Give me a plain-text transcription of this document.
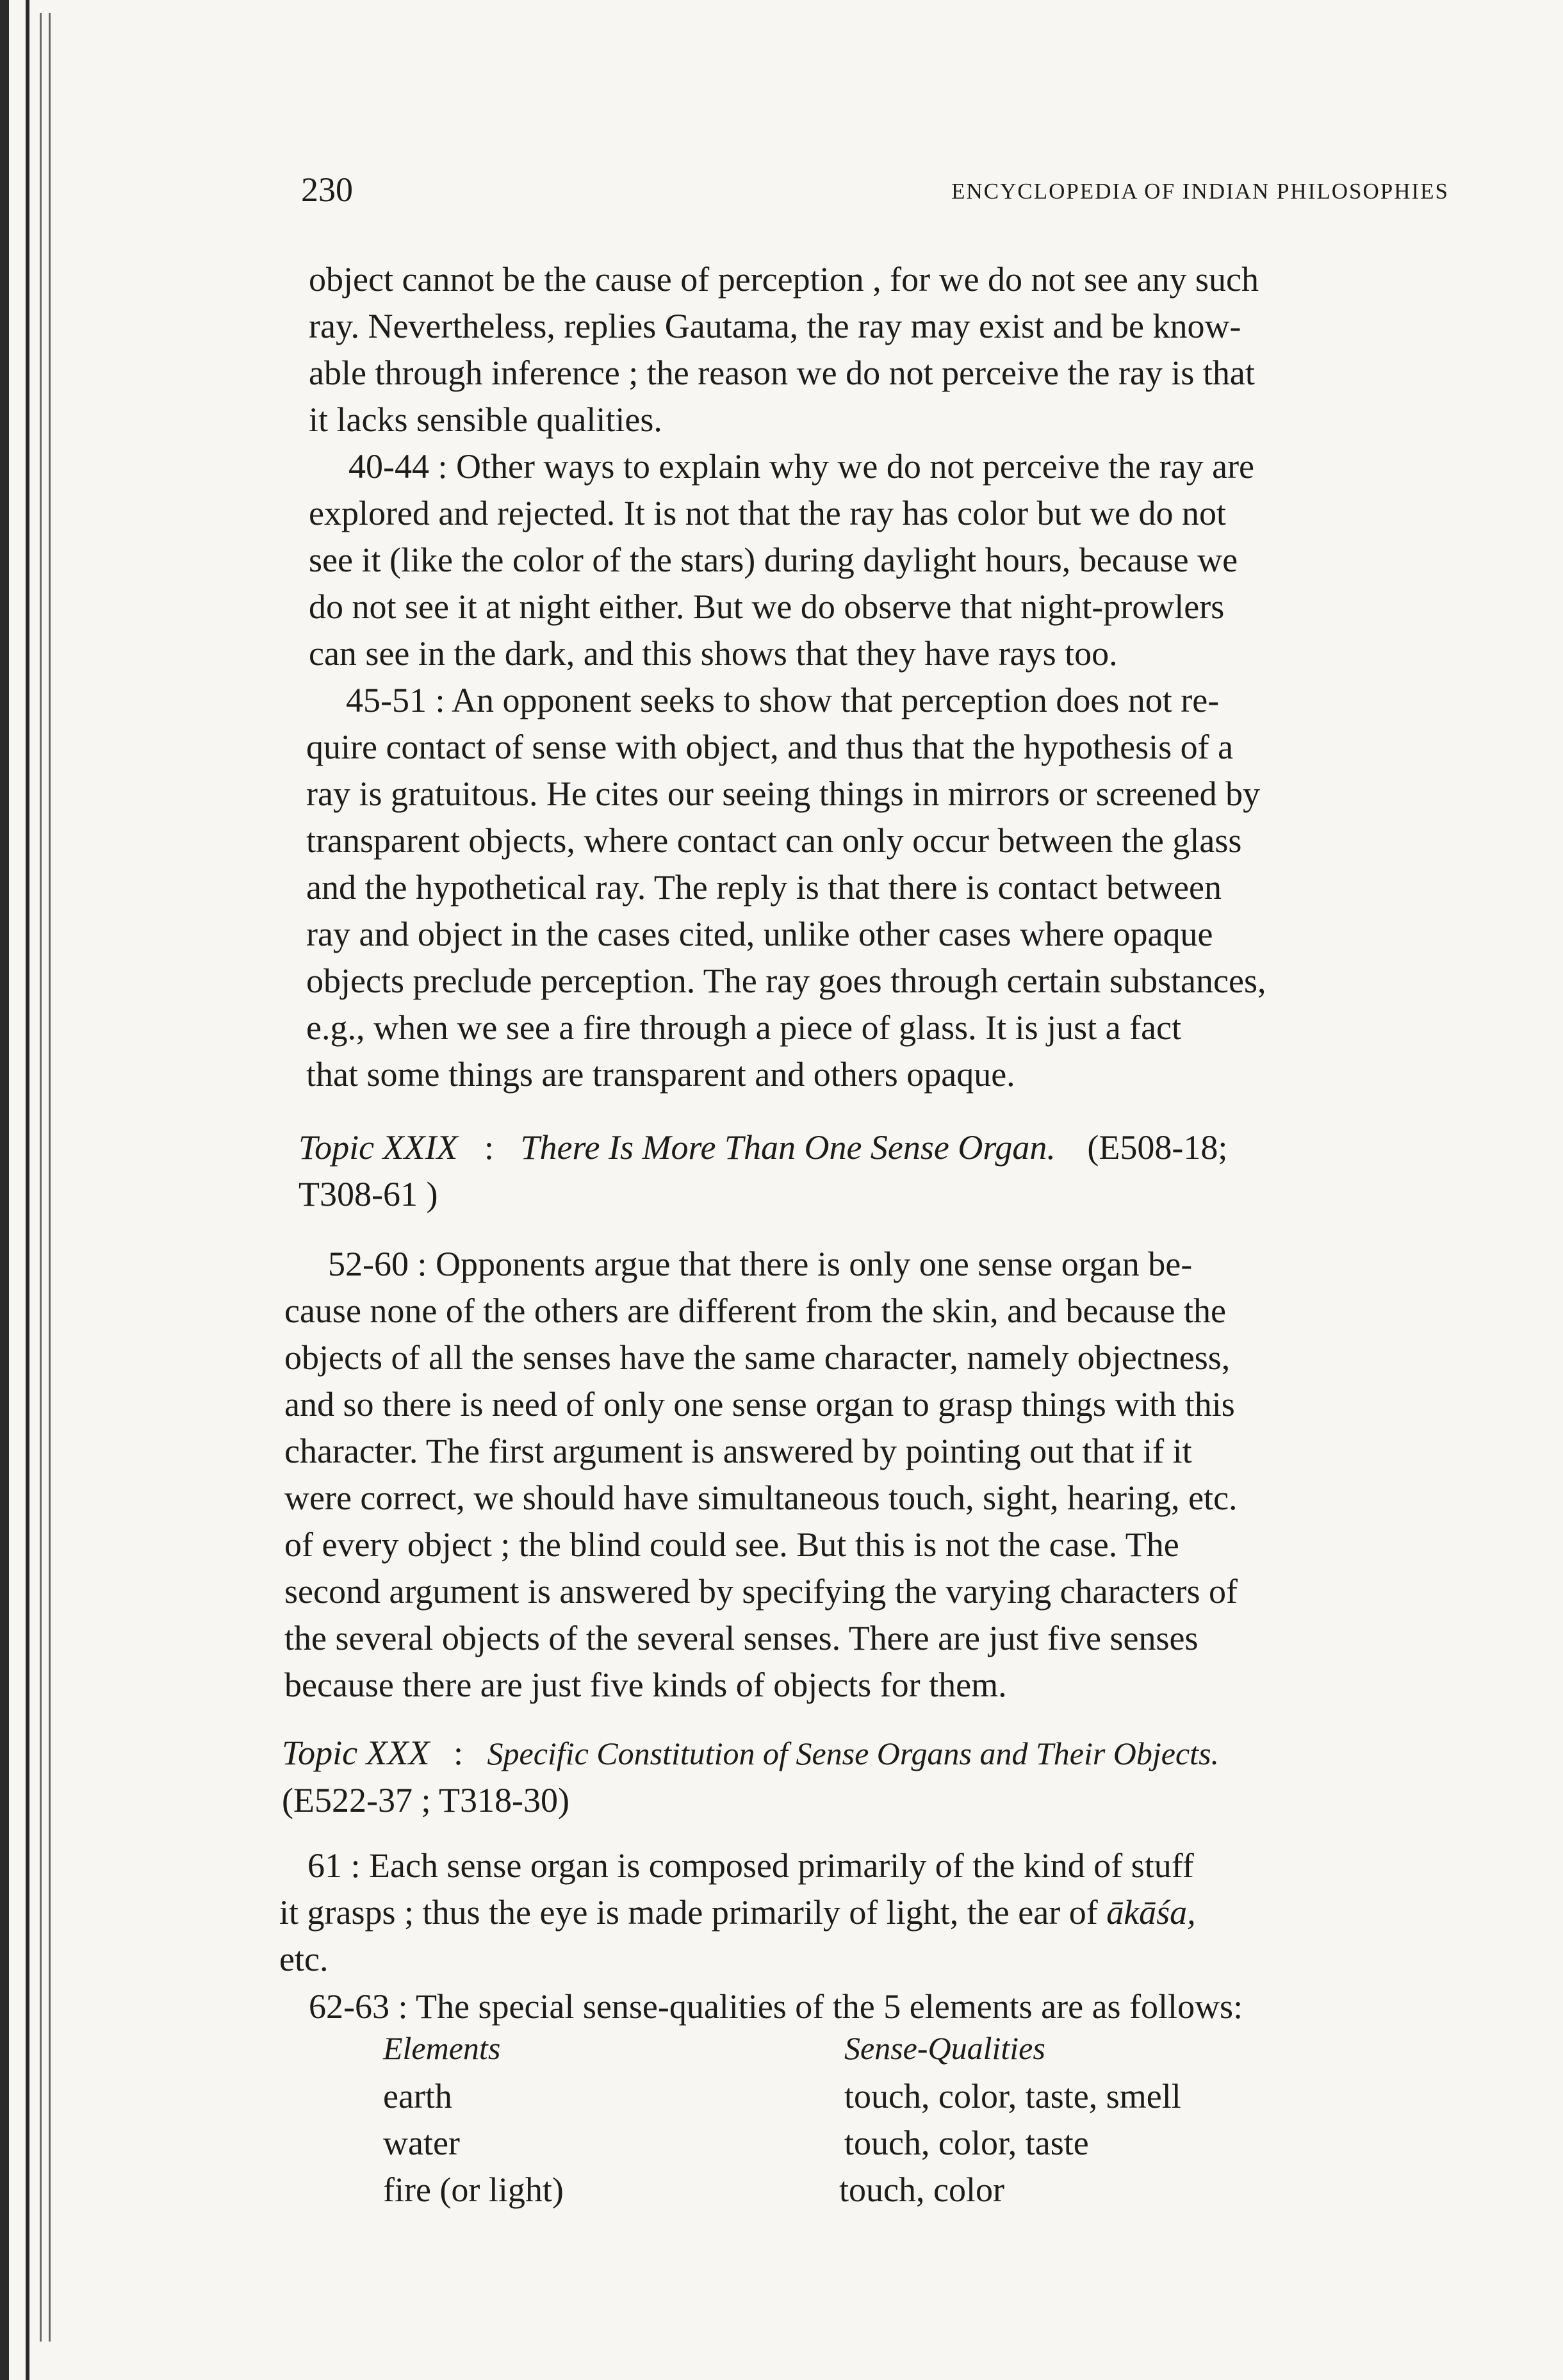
230	ENCYCLOPEDIA OF INDIAN PHILOSOPHIES
object cannot be the cause of perception , for we do not see any such
ray. Nevertheless, replies Gautama, the ray may exist and be know-
able through inference ; the reason we do not perceive the ray is that
it lacks sensible qualities.
40-44 : Other ways to explain why we do not perceive the ray are
explored and rejected. It is not that the ray has color but we do not
see it (like the color of the stars) during daylight hours, because we
do not see it at night either. But we do observe that night-prowlers
can see in the dark, and this shows that they have rays too.
45-51 : An opponent seeks to show that perception does not re-
quire contact of sense with object, and thus that the hypothesis of a
ray is gratuitous. He cites our seeing things in mirrors or screened by
transparent objects, where contact can only occur between the glass
and the hypothetical ray. The reply is that there is contact between
ray and object in the cases cited, unlike other cases where opaque
objects preclude perception. The ray goes through certain substances,
e.g., when we see a fire through a piece of glass. It is just a fact
that some things are transparent and others opaque.
Topic XXIX : There Is More Than One Sense Organ. (E508-18;
T308-61 )
52-60 : Opponents argue that there is only one sense organ be-
cause none of the others are different from the skin, and because the
objects of all the senses have the same character, namely objectness,
and so there is need of only one sense organ to grasp things with this
character. The first argument is answered by pointing out that if it
were correct, we should have simultaneous touch, sight, hearing, etc.
of every object ; the blind could see. But this is not the case. The
second argument is answered by specifying the varying characters of
the several objects of the several senses. There are just five senses
because there are just five kinds of objects for them.
Topic XXX : Specific Constitution of Sense Organs and Their Objects.
(E522-37 ; T318-30)
61 : Each sense organ is composed primarily of the kind of stuff
it grasps ; thus the eye is made primarily of light, the ear of ākāśa,
etc.
62-63 : The special sense-qualities of the 5 elements are as follows:
Elements	Sense-Qualities
earth	touch, color, taste, smell
water	touch, color, taste
fire (or light)	touch, color
